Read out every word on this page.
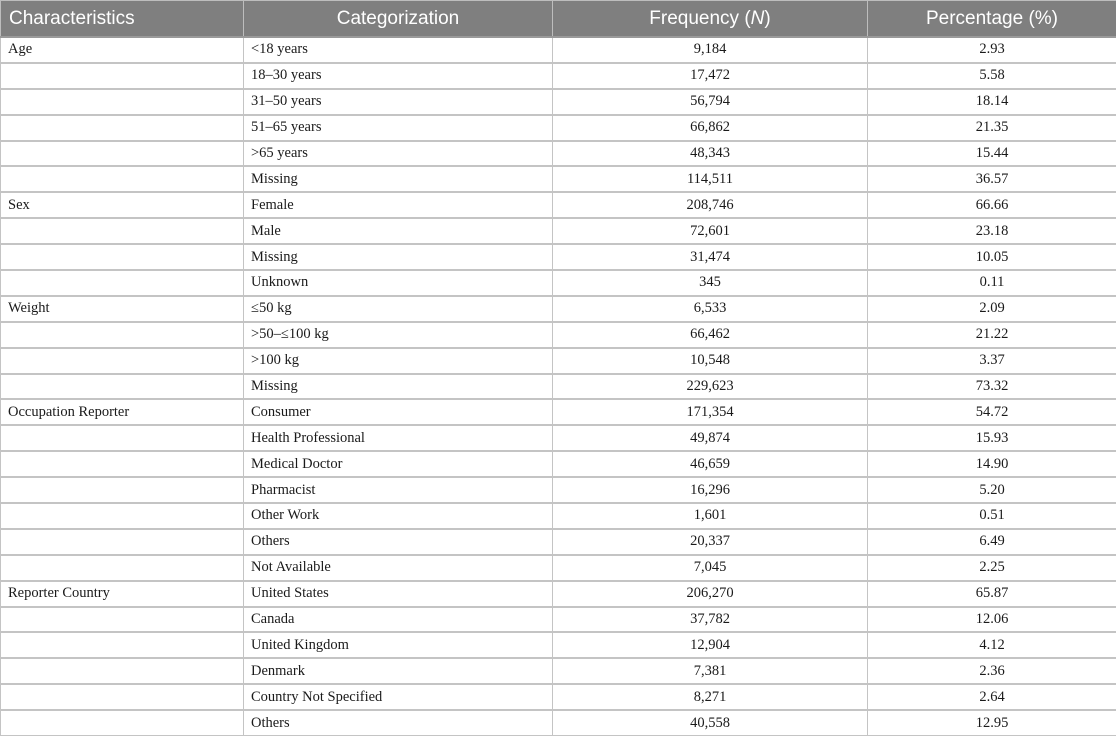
Characteristics	Categorization	Frequency (N)	Percentage (%)
Age	<18 years	9,184	2.93
	18–30 years	17,472	5.58
	31–50 years	56,794	18.14
	51–65 years	66,862	21.35
	>65 years	48,343	15.44
	Missing	114,511	36.57
Sex	Female	208,746	66.66
	Male	72,601	23.18
	Missing	31,474	10.05
	Unknown	345	0.11
Weight	≤50 kg	6,533	2.09
	>50–≤100 kg	66,462	21.22
	>100 kg	10,548	3.37
	Missing	229,623	73.32
Occupation Reporter	Consumer	171,354	54.72
	Health Professional	49,874	15.93
	Medical Doctor	46,659	14.90
	Pharmacist	16,296	5.20
	Other Work	1,601	0.51
	Others	20,337	6.49
	Not Available	7,045	2.25
Reporter Country	United States	206,270	65.87
	Canada	37,782	12.06
	United Kingdom	12,904	4.12
	Denmark	7,381	2.36
	Country Not Specified	8,271	2.64
	Others	40,558	12.95
